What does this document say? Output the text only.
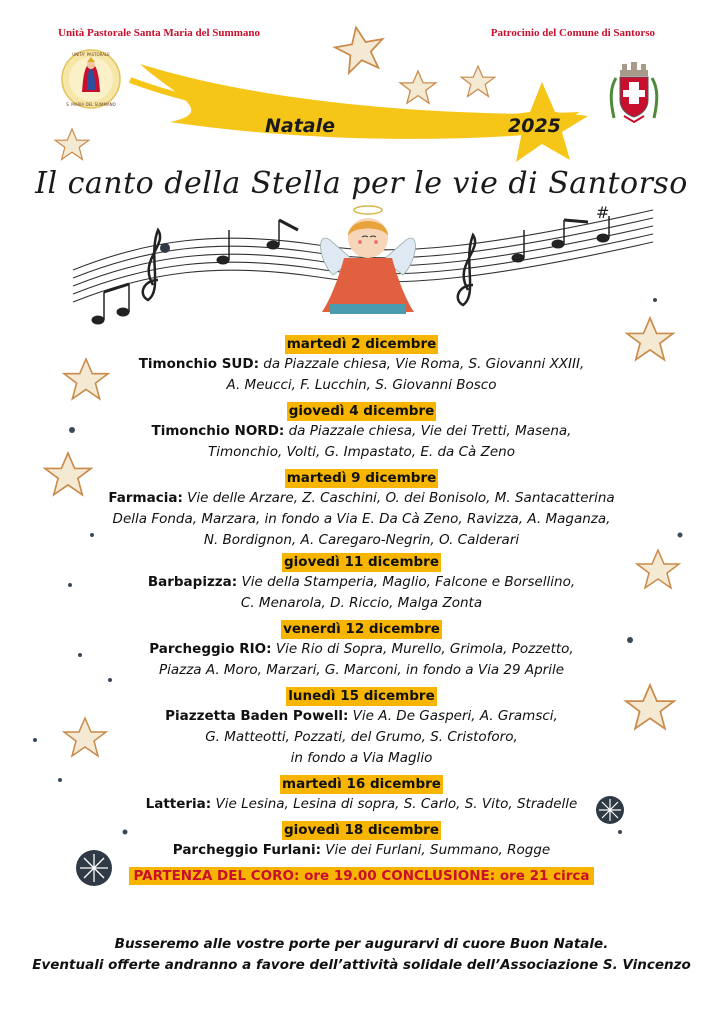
Unità Pastorale Santa Maria del Summano	Patrocinio del Comune di Santorso
UNITA' PASTORALE
S. MARIA DEL SUMMANO
Natale	2025
Il canto della Stella per le vie di Santorso
#
martedì 2 dicembre
Timonchio SUD: da Piazzale chiesa, Vie Roma, S. Giovanni XXIII,
A. Meucci, F. Lucchin, S. Giovanni Bosco
giovedì 4 dicembre
Timonchio NORD: da Piazzale chiesa, Vie dei Tretti, Masena,
Timonchio, Volti, G. Impastato, E. da Cà Zeno
martedì 9 dicembre
Farmacia: Vie delle Arzare, Z. Caschini, O. dei Bonisolo, M. Santacatterina
Della Fonda, Marzara, in fondo a Via E. Da Cà Zeno, Ravizza, A. Maganza,
N. Bordignon, A. Caregaro-Negrin, O. Calderari
giovedì 11 dicembre
Barbapizza: Vie della Stamperia, Maglio, Falcone e Borsellino,
C. Menarola, D. Riccio, Malga Zonta
venerdì 12 dicembre
Parcheggio RIO: Vie Rio di Sopra, Murello, Grimola, Pozzetto,
Piazza A. Moro, Marzari, G. Marconi, in fondo a Via 29 Aprile
lunedì 15 dicembre
Piazzetta Baden Powell: Vie A. De Gasperi, A. Gramsci,
G. Matteotti, Pozzati, del Grumo, S. Cristoforo,
in fondo a Via Maglio
martedì 16 dicembre
Latteria: Vie Lesina, Lesina di sopra, S. Carlo, S. Vito, Stradelle
giovedì 18 dicembre
Parcheggio Furlani: Vie dei Furlani, Summano, Rogge
PARTENZA DEL CORO: ore 19.00 CONCLUSIONE: ore 21 circa
Busseremo alle vostre porte per augurarvi di cuore Buon Natale.
Eventuali offerte andranno a favore dell’attività solidale dell’Associazione S. Vincenzo
